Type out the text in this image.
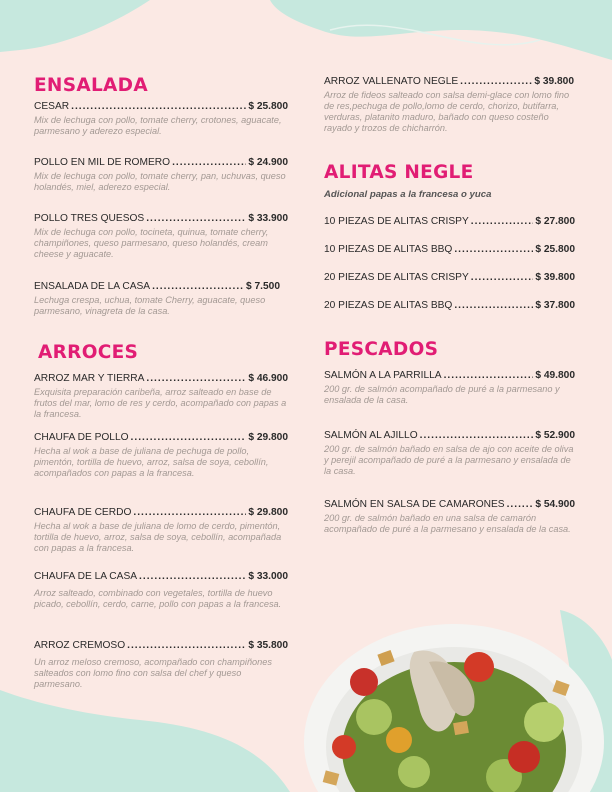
ENSALADA
CESAR .....	$ 25.800
Mix de lechuga con pollo, tomate cherry, crotones, aguacate, parmesano y aderezo especial.
POLLO EN MIL DE ROMERO .....	$ 24.900
Mix de lechuga con pollo, tomate cherry, pan, uchuvas, queso holandés, miel, aderezo especial.
POLLO TRES QUESOS .....	$ 33.900
Mix de lechuga con pollo, tocineta, quinua, tomate cherry, champiñones, queso parmesano, queso holandés, cream cheese y aguacate.
ENSALADA DE LA CASA .....	$ 7.500
Lechuga crespa, uchua, tomate Cherry, aguacate, queso parmesano, vinagreta de la casa.
ARROCES
ARROZ MAR Y TIERRA .....	$ 46.900
Exquisita preparación caribeña, arroz salteado en base de frutos del mar, lomo de res y cerdo, acompañado con papas a la francesa.
CHAUFA DE POLLO .....	$ 29.800
Hecha al wok a base de juliana de pechuga de pollo, pimentón, tortilla de huevo, arroz, salsa de soya, cebollín, acompañados con papas a la francesa.
CHAUFA DE CERDO .....	$ 29.800
Hecha al wok a base de juliana de lomo de cerdo, pimentón, tortilla de huevo, arroz, salsa de soya, cebollín, acompañada con papas a la francesa.
CHAUFA DE LA CASA .....	$ 33.000
Arroz salteado, combinado con vegetales, tortilla de huevo picado, cebollín, cerdo, carne, pollo con papas a la francesa.
ARROZ CREMOSO .....	$ 35.800
Un arroz meloso cremoso, acompañado con champiñones salteados con lomo fino con salsa del chef y queso parmesano.
ARROZ VALLENATO NEGLE .....	$ 39.800
Arroz de fideos salteado con salsa demi-glace con lomo fino de res,pechuga de pollo,lomo de cerdo, chorizo, butifarra, verduras, platanito maduro, bañado con queso costeño rayado y trozos de chicharrón.
ALITAS NEGLE
Adicional papas a la francesa o yuca
10 PIEZAS DE ALITAS CRISPY .....	$ 27.800
10 PIEZAS DE ALITAS BBQ .....	$ 25.800
20 PIEZAS DE ALITAS CRISPY .....	$ 39.800
20 PIEZAS DE ALITAS BBQ .....	$ 37.800
PESCADOS
SALMÓN A LA PARRILLA .....	$ 49.800
200 gr. de salmón acompañado de puré a la parmesano y ensalada de la casa.
SALMÓN AL AJILLO .....	$ 52.900
200 gr. de salmón bañado en salsa de ajo con aceite de oliva y perejil acompañado de puré a la parmesano y ensalada de la casa.
SALMÓN EN SALSA DE CAMARONES .....	$ 54.900
200 gr. de salmón bañado en una salsa de camarón acompañado de puré a la parmesano y ensalada de la casa.
